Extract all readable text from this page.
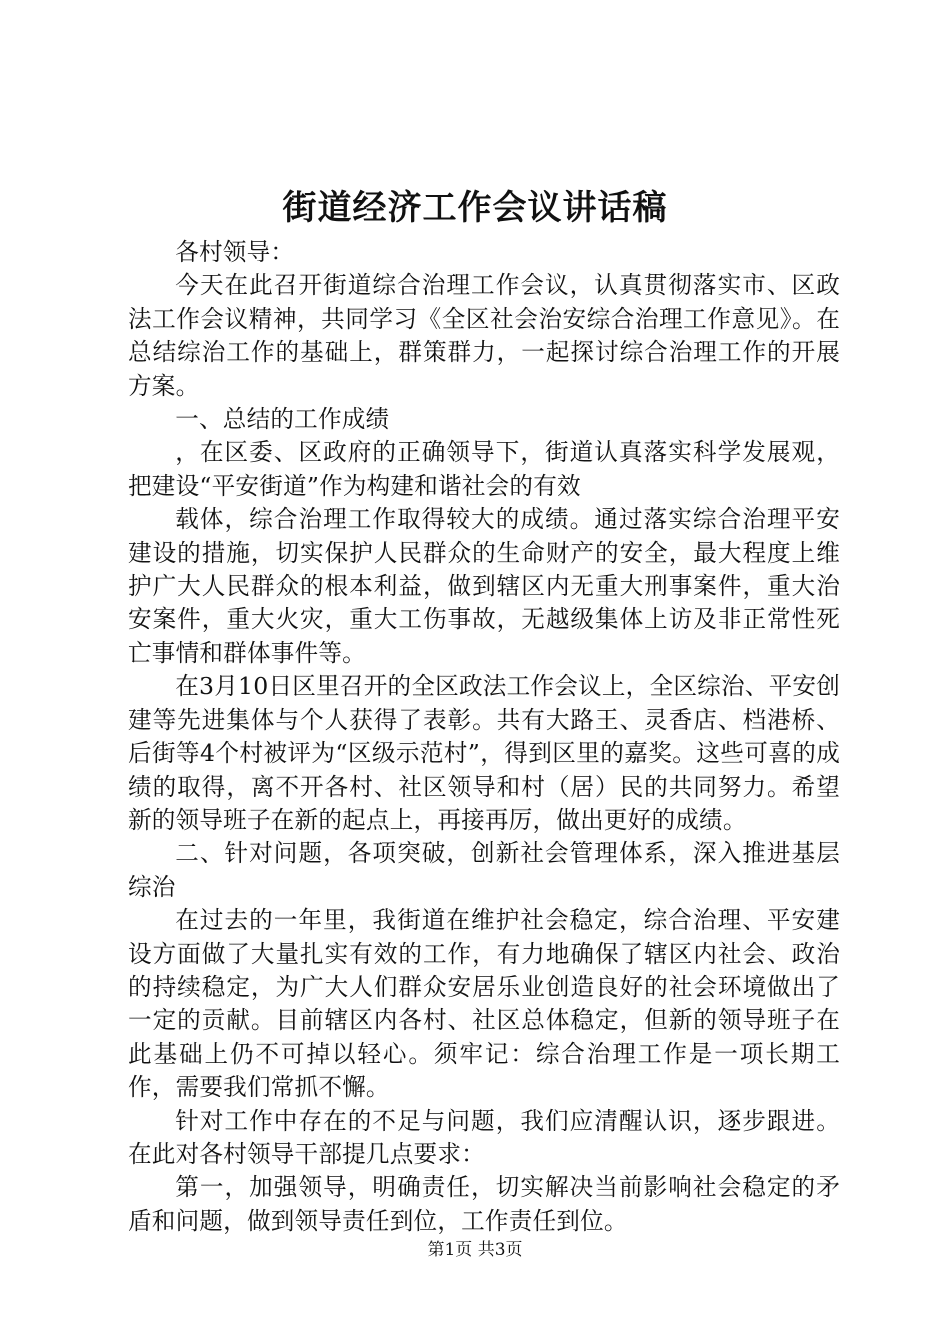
街道经济工作会议讲话稿

各村领导：

今天在此召开街道综合治理工作会议，认真贯彻落实市、区政法工作会议精神，共同学习《全区社会治安综合治理工作意见》。在总结综治工作的基础上，群策群力，一起探讨综合治理工作的开展方案。

一、总结的工作成绩

，在区委、区政府的正确领导下，街道认真落实科学发展观，把建设“平安街道”作为构建和谐社会的有效

载体，综合治理工作取得较大的成绩。通过落实综合治理平安建设的措施，切实保护人民群众的生命财产的安全，最大程度上维护广大人民群众的根本利益，做到辖区内无重大刑事案件，重大治安案件，重大火灾，重大工伤事故，无越级集体上访及非正常性死亡事情和群体事件等。

在3月10日区里召开的全区政法工作会议上，全区综治、平安创建等先进集体与个人获得了表彰。共有大路王、灵香店、档港桥、后街等4个村被评为“区级示范村”，得到区里的嘉奖。这些可喜的成绩的取得，离不开各村、社区领导和村（居）民的共同努力。希望新的领导班子在新的起点上，再接再厉，做出更好的成绩。

二、针对问题，各项突破，创新社会管理体系，深入推进基层综治

在过去的一年里，我街道在维护社会稳定，综合治理、平安建设方面做了大量扎实有效的工作，有力地确保了辖区内社会、政治的持续稳定，为广大人们群众安居乐业创造良好的社会环境做出了一定的贡献。目前辖区内各村、社区总体稳定，但新的领导班子在此基础上仍不可掉以轻心。须牢记：综合治理工作是一项长期工作，需要我们常抓不懈。

针对工作中存在的不足与问题，我们应清醒认识，逐步跟进。在此对各村领导干部提几点要求：

第一，加强领导，明确责任，切实解决当前影响社会稳定的矛盾和问题，做到领导责任到位，工作责任到位。

第1页 共3页
